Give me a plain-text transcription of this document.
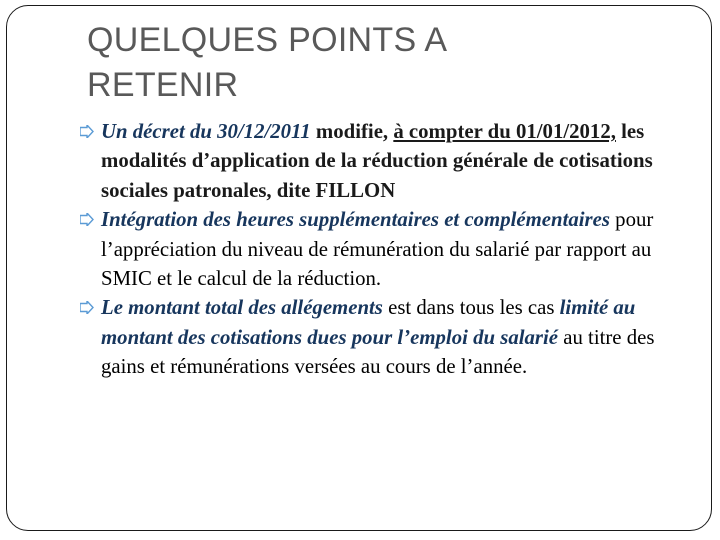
QUELQUES POINTS A
RETENIR

Un décret du 30/12/2011 modifie, à compter du 01/01/2012, les modalités d’application de la réduction générale de cotisations sociales patronales, dite FILLON

Intégration des heures supplémentaires et complémentaires pour l’appréciation du niveau de rémunération du salarié par rapport au SMIC et le calcul de la réduction.

Le montant total des allégements est dans tous les cas limité au montant des cotisations dues pour l’emploi du salarié au titre des gains et rémunérations versées au cours de l’année.
